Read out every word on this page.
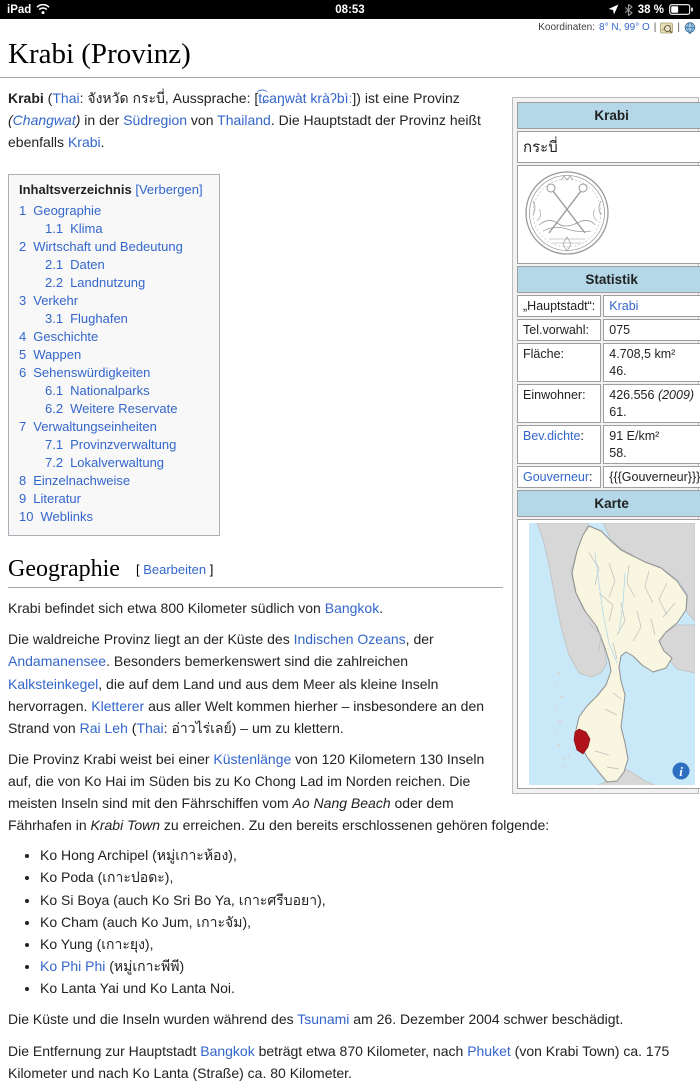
iPad	08:53	38 %
Koordinaten: 8° N, 99° O | |
Krabi (Provinz)
Krabi	
กระบี่	

Statistik	
„Hauptstadt“:	Krabi

Tel.vorwahl:	075

Fläche:	4.708,5 km²
46.

Einwohner:	426.556 (2009)
61.

Bev.dichte:	91 E/km²
58.

Gouverneur:	{{{Gouverneur}}}

Karte	

i	

Krabi (Thai: จังหวัด กระบี่, Aussprache: [t͡ɕaŋwàt kràʔbìː]) ist eine Provinz (Changwat) in der Südregion von Thailand. Die Hauptstadt der Provinz heißt ebenfalls Krabi.

Inhaltsverzeichnis [Verbergen]
1 Geographie
1.1 Klima
2 Wirtschaft und Bedeutung
2.1 Daten
2.2 Landnutzung
3 Verkehr
3.1 Flughafen
4 Geschichte
5 Wappen
6 Sehenswürdigkeiten
6.1 Nationalparks
6.2 Weitere Reservate
7 Verwaltungseinheiten
7.1 Provinzverwaltung
7.2 Lokalverwaltung
8 Einzelnachweise
9 Literatur
10 Weblinks
Geographie [ Bearbeiten ]

Krabi befindet sich etwa 800 Kilometer südlich von Bangkok.

Die waldreiche Provinz liegt an der Küste des Indischen Ozeans, der Andamanensee. Besonders bemerkenswert sind die zahlreichen Kalksteinkegel, die auf dem Land und aus dem Meer als kleine Inseln hervorragen. Kletterer aus aller Welt kommen hierher – insbesondere an den Strand von Rai Leh (Thai: อ่าวไร่เลย์) – um zu klettern.

Die Provinz Krabi weist bei einer Küstenlänge von 120 Kilometern 130 Inseln auf, die von Ko Hai im Süden bis zu Ko Chong Lad im Norden reichen. Die meisten Inseln sind mit den Fährschiffen vom Ao Nang Beach oder dem Fährhafen in Krabi Town zu erreichen. Zu den bereits erschlossenen gehören folgende:

• Ko Hong Archipel (หมู่เกาะห้อง),
• Ko Poda (เกาะปอดะ),
• Ko Si Boya (auch Ko Sri Bo Ya, เกาะศรีบอยา),
• Ko Cham (auch Ko Jum, เกาะจัม),
• Ko Yung (เกาะยุง),
• Ko Phi Phi (หมู่เกาะพีพี)
• Ko Lanta Yai und Ko Lanta Noi.

Die Küste und die Inseln wurden während des Tsunami am 26. Dezember 2004 schwer beschädigt.

Die Entfernung zur Hauptstadt Bangkok beträgt etwa 870 Kilometer, nach Phuket (von Krabi Town) ca. 175 Kilometer und nach Ko Lanta (Straße) ca. 80 Kilometer.
